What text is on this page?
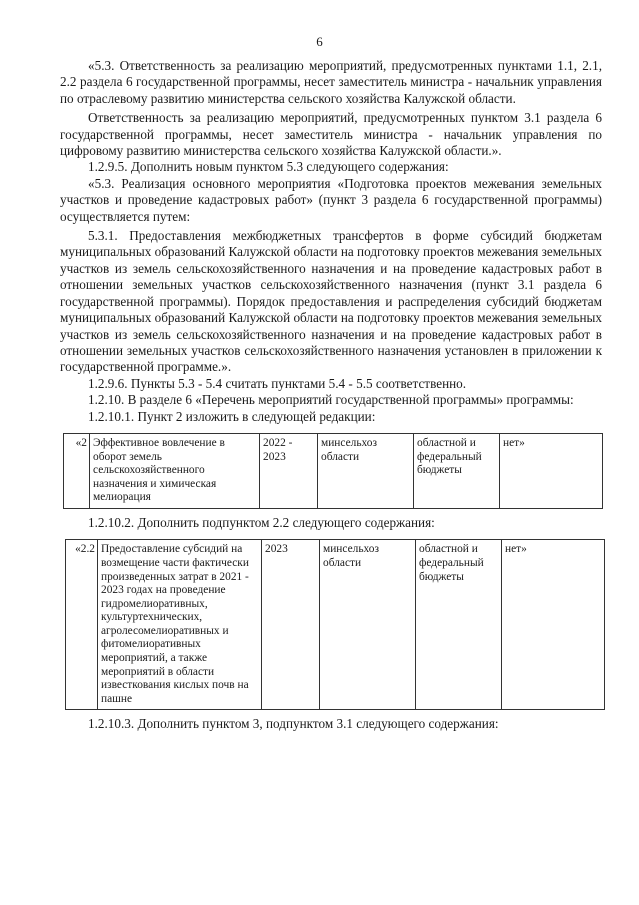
6

«5.3. Ответственность за реализацию мероприятий, предусмотренных пунктами 1.1, 2.1, 2.2 раздела 6 государственной программы, несет заместитель министра - начальник управления по отраслевому развитию министерства сельского хозяйства Калужской области.

Ответственность за реализацию мероприятий, предусмотренных пунктом 3.1 раздела 6 государственной программы, несет заместитель министра - начальник управления по цифровому развитию министерства сельского хозяйства Калужской области.».

1.2.9.5. Дополнить новым пунктом 5.3 следующего содержания:

«5.3. Реализация основного мероприятия «Подготовка проектов межевания земельных участков и проведение кадастровых работ» (пункт 3 раздела 6 государственной программы) осуществляется путем:

5.3.1. Предоставления межбюджетных трансфертов в форме субсидий бюджетам муниципальных образований Калужской области на подготовку проектов межевания земельных участков из земель сельскохозяйственного назначения и на проведение кадастровых работ в отношении земельных участков сельскохозяйственного назначения (пункт 3.1 раздела 6 государственной программы). Порядок предоставления и распределения субсидий бюджетам муниципальных образований Калужской области на подготовку проектов межевания земельных участков из земель сельскохозяйственного назначения и на проведение кадастровых работ в отношении земельных участков сельскохозяйственного назначения установлен в приложении к государственной программе.».

1.2.9.6. Пункты 5.3 - 5.4 считать пунктами 5.4 - 5.5 соответственно.

1.2.10. В разделе 6 «Перечень мероприятий государственной программы» программы:

1.2.10.1. Пункт 2 изложить в следующей редакции:

«2	Эффективное вовлечение в оборот земель сельскохозяйственного назначения и химическая мелиорация	2022 - 2023	минсельхоз области	областной и федеральный бюджеты	нет»

1.2.10.2. Дополнить подпунктом 2.2 следующего содержания:

«2.2	Предоставление субсидий на возмещение части фактически произведенных затрат в 2021 - 2023 годах на проведение гидромелиоративных, культуртехнических, агролесомелиоративных и фитомелиоративных мероприятий, а также мероприятий в области известкования кислых почв на пашне	2023	минсельхоз области	областной и федеральный бюджеты	нет»

1.2.10.3. Дополнить пунктом 3, подпунктом 3.1 следующего содержания:
